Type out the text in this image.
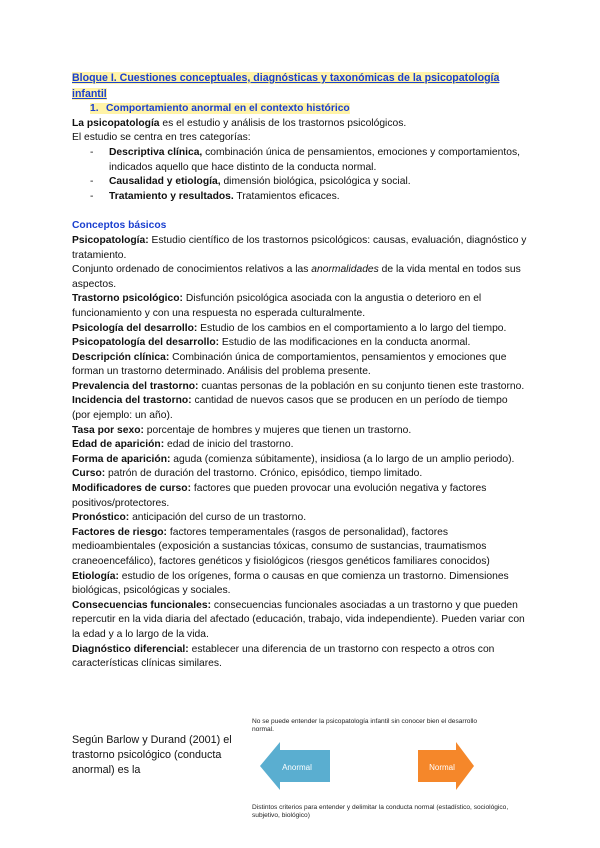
Bloque I. Cuestiones conceptuales, diagnósticas y taxonómicas de la psicopatología infantil

1. Comportamiento anormal en el contexto histórico

La psicopatología es el estudio y análisis de los trastornos psicológicos.

El estudio se centra en tres categorías:

- Descriptiva clínica, combinación única de pensamientos, emociones y comportamientos, indicados aquello que hace distinto de la conducta normal.
- Causalidad y etiología, dimensión biológica, psicológica y social.
- Tratamiento y resultados. Tratamientos eficaces.

Conceptos básicos

Psicopatología: Estudio científico de los trastornos psicológicos: causas, evaluación, diagnóstico y tratamiento.

Conjunto ordenado de conocimientos relativos a las anormalidades de la vida mental en todos sus aspectos.

Trastorno psicológico: Disfunción psicológica asociada con la angustia o deterioro en el funcionamiento y con una respuesta no esperada culturalmente.

Psicología del desarrollo: Estudio de los cambios en el comportamiento a lo largo del tiempo.

Psicopatología del desarrollo: Estudio de las modificaciones en la conducta anormal.

Descripción clínica: Combinación única de comportamientos, pensamientos y emociones que forman un trastorno determinado. Análisis del problema presente.

Prevalencia del trastorno: cuantas personas de la población en su conjunto tienen este trastorno.

Incidencia del trastorno: cantidad de nuevos casos que se producen en un período de tiempo (por ejemplo: un año).

Tasa por sexo: porcentaje de hombres y mujeres que tienen un trastorno.

Edad de aparición: edad de inicio del trastorno.

Forma de aparición: aguda (comienza súbitamente), insidiosa (a lo largo de un amplio periodo).

Curso: patrón de duración del trastorno. Crónico, episódico, tiempo limitado.

Modificadores de curso: factores que pueden provocar una evolución negativa y factores positivos/protectores.

Pronóstico: anticipación del curso de un trastorno.

Factores de riesgo: factores temperamentales (rasgos de personalidad), factores medioambientales (exposición a sustancias tóxicas, consumo de sustancias, traumatismos craneoencefálico), factores genéticos y fisiológicos (riesgos genéticos familiares conocidos)

Etiología: estudio de los orígenes, forma o causas en que comienza un trastorno. Dimensiones biológicas, psicológicas y sociales.

Consecuencias funcionales: consecuencias funcionales asociadas a un trastorno y que pueden repercutir en la vida diaria del afectado (educación, trabajo, vida independiente). Pueden variar con la edad y a lo largo de la vida.

Diagnóstico diferencial: establecer una diferencia de un trastorno con respecto a otros con características clínicas similares.

Según Barlow y Durand (2001) el trastorno psicológico (conducta anormal) es la

No se puede entender la psicopatología infantil sin conocer bien el desarrollo normal.
Anormal	Normal
Distintos criterios para entender y delimitar la conducta normal (estadístico, sociológico, subjetivo, biológico)
